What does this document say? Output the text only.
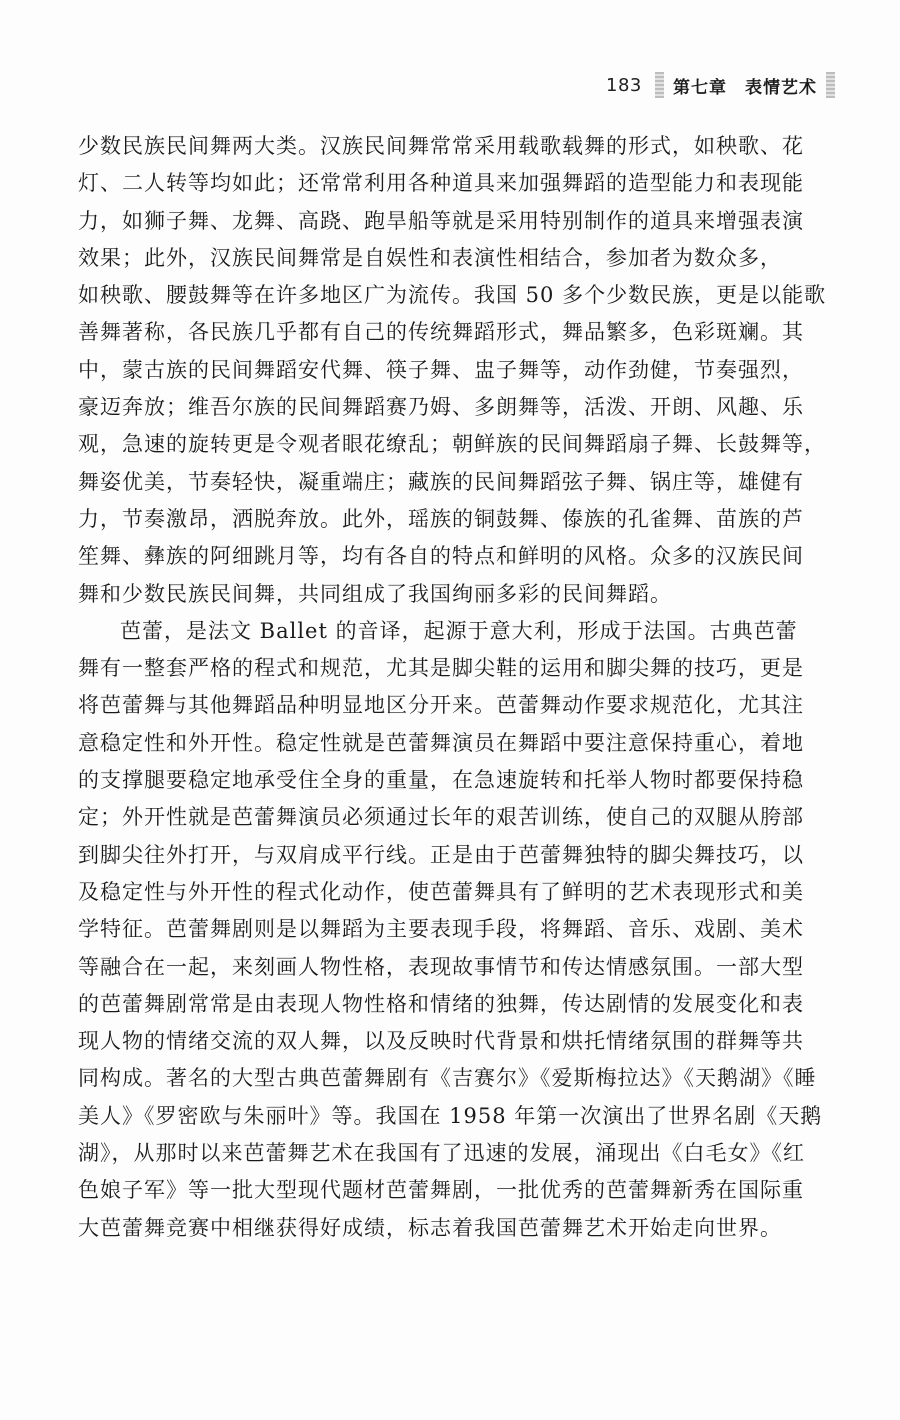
183 第七章　表情艺术
少数民族民间舞两大类。汉族民间舞常常采用载歌载舞的形式，如秧歌、花
灯、二人转等均如此；还常常利用各种道具来加强舞蹈的造型能力和表现能
力，如狮子舞、龙舞、高跷、跑旱船等就是采用特别制作的道具来增强表演
效果；此外，汉族民间舞常是自娱性和表演性相结合，参加者为数众多，
如秧歌、腰鼓舞等在许多地区广为流传。我国 50 多个少数民族，更是以能歌
善舞著称，各民族几乎都有自己的传统舞蹈形式，舞品繁多，色彩斑斓。其
中，蒙古族的民间舞蹈安代舞、筷子舞、盅子舞等，动作劲健，节奏强烈，
豪迈奔放；维吾尔族的民间舞蹈赛乃姆、多朗舞等，活泼、开朗、风趣、乐
观，急速的旋转更是令观者眼花缭乱；朝鲜族的民间舞蹈扇子舞、长鼓舞等，
舞姿优美，节奏轻快，凝重端庄；藏族的民间舞蹈弦子舞、锅庄等，雄健有
力，节奏激昂，洒脱奔放。此外，瑶族的铜鼓舞、傣族的孔雀舞、苗族的芦
笙舞、彝族的阿细跳月等，均有各自的特点和鲜明的风格。众多的汉族民间
舞和少数民族民间舞，共同组成了我国绚丽多彩的民间舞蹈。
芭蕾，是法文 Ballet 的音译，起源于意大利，形成于法国。古典芭蕾
舞有一整套严格的程式和规范，尤其是脚尖鞋的运用和脚尖舞的技巧，更是
将芭蕾舞与其他舞蹈品种明显地区分开来。芭蕾舞动作要求规范化，尤其注
意稳定性和外开性。稳定性就是芭蕾舞演员在舞蹈中要注意保持重心，着地
的支撑腿要稳定地承受住全身的重量，在急速旋转和托举人物时都要保持稳
定；外开性就是芭蕾舞演员必须通过长年的艰苦训练，使自己的双腿从胯部
到脚尖往外打开，与双肩成平行线。正是由于芭蕾舞独特的脚尖舞技巧，以
及稳定性与外开性的程式化动作，使芭蕾舞具有了鲜明的艺术表现形式和美
学特征。芭蕾舞剧则是以舞蹈为主要表现手段，将舞蹈、音乐、戏剧、美术
等融合在一起，来刻画人物性格，表现故事情节和传达情感氛围。一部大型
的芭蕾舞剧常常是由表现人物性格和情绪的独舞，传达剧情的发展变化和表
现人物的情绪交流的双人舞，以及反映时代背景和烘托情绪氛围的群舞等共
同构成。著名的大型古典芭蕾舞剧有《吉赛尔》《爱斯梅拉达》《天鹅湖》《睡
美人》《罗密欧与朱丽叶》等。我国在 1958 年第一次演出了世界名剧《天鹅
湖》，从那时以来芭蕾舞艺术在我国有了迅速的发展，涌现出《白毛女》《红
色娘子军》等一批大型现代题材芭蕾舞剧，一批优秀的芭蕾舞新秀在国际重
大芭蕾舞竞赛中相继获得好成绩，标志着我国芭蕾舞艺术开始走向世界。
